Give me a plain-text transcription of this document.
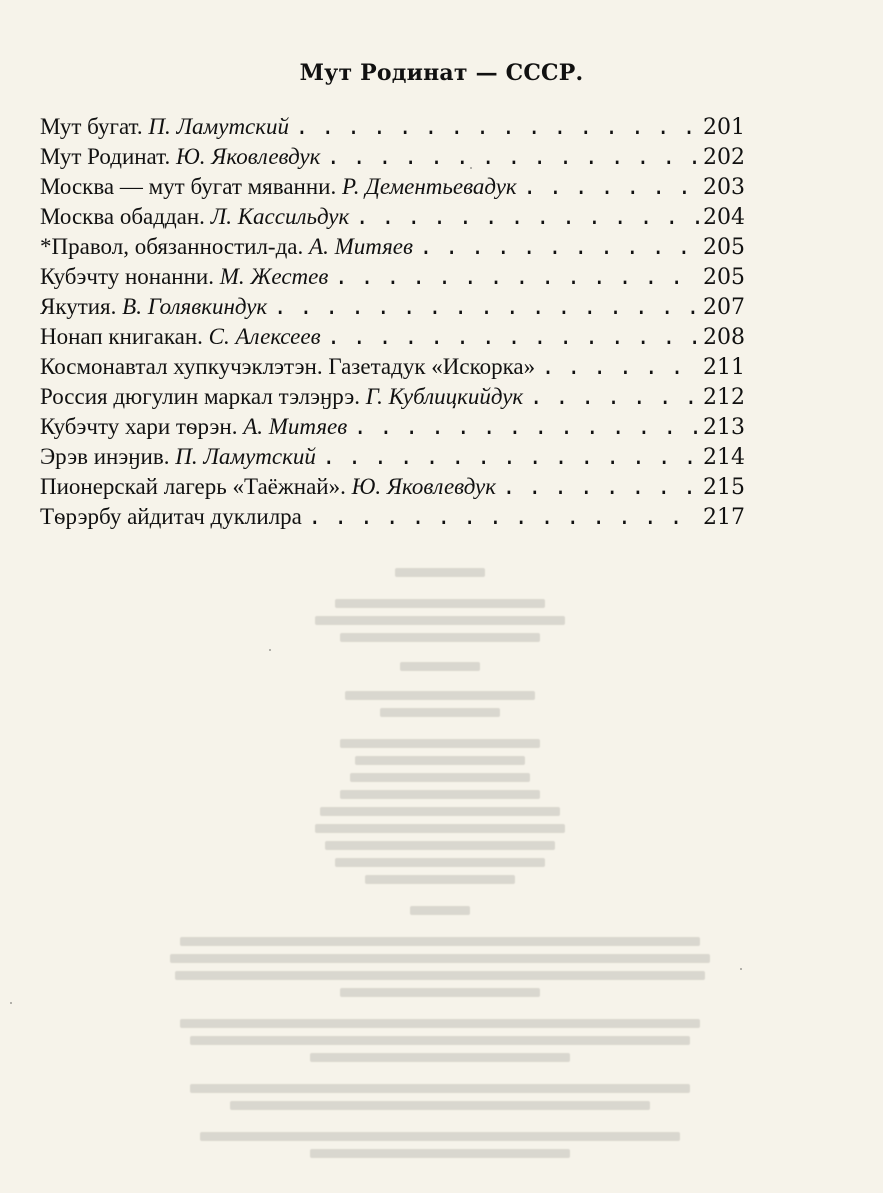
Мут Родинат — СССР.
Мут бугат. П. Ламутский .....	201
Мут Родинат. Ю. Яковлевдук .....	202
Москва — мут бугат мяванни. Р. Дементьевадук .....	203
Москва обаддан. Л. Кассильдук .....	204
*Правол, обязанностил-да. А. Митяев .....	205
Кубэчту нонанни. М. Жестев .....	205
Якутия. В. Голявкиндук .....	207
Нонап книгакан. С. Алексеев .....	208
Космонавтал хупкучэклэтэн. Газетадук «Искорка» .....	211
Россия дюгулин маркал тэлэӈрэ. Г. Кублицкийдук .....	212
Кубэчту хари тѳрэн. А. Митяев .....	213
Эрэв инэӈив. П. Ламутский .....	214
Пионерскай лагерь «Таёжнай». Ю. Яковлевдук .....	215
Тѳрэрбу айдитач дуклилра .....	217
